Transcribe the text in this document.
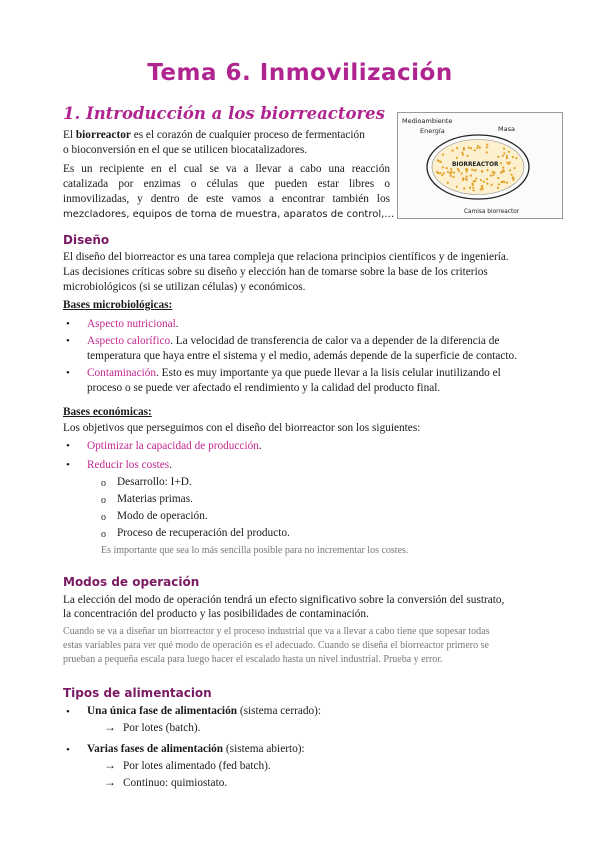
Tema 6. Inmovilización
1. Introducción a los biorreactores

El biorreactor es el corazón de cualquier proceso de fermentación

o bioconversión en el que se utilicen biocatalizadores.

Es un recipiente en el cual se va a llevar a cabo una reacción

catalizada por enzimas o células que pueden estar libres o

inmovilizadas, y dentro de este vamos a encontrar también los

mezcladores, equipos de toma de muestra, aparatos de control,…

Medioambiente
Energía	Masa
BIORREACTOR
Camisa biorreactor
Diseño

El diseño del biorreactor es una tarea compleja que relaciona principios científicos y de ingeniería.

Las decisiones críticas sobre su diseño y elección han de tomarse sobre la base de los criterios

microbiológicos (si se utilizan células) y económicos.

Bases microbiológicas:

• Aspecto nutricional.

• Aspecto calorífico. La velocidad de transferencia de calor va a depender de la diferencia de

temperatura que haya entre el sistema y el medio, además depende de la superficie de contacto.

• Contaminación. Esto es muy importante ya que puede llevar a la lisis celular inutilizando el

proceso o se puede ver afectado el rendimiento y la calidad del producto final.

Bases económicas:

Los objetivos que perseguimos con el diseño del biorreactor son los siguientes:

• Optimizar la capacidad de producción.

• Reducir los costes.

o Desarrollo: I+D.

o Materias primas.

o Modo de operación.

o Proceso de recuperación del producto.

Es importante que sea lo más sencilla posible para no incrementar los costes.

Modos de operación

La elección del modo de operación tendrá un efecto significativo sobre la conversión del sustrato,

la concentración del producto y las posibilidades de contaminación.

Cuando se va a diseñar un biorreactor y el proceso industrial que va a llevar a cabo tiene que sopesar todas

estas variables para ver qué modo de operación es el adecuado. Cuando se diseña el biorreactor primero se

prueban a pequeña escala para luego hacer el escalado hasta un nivel industrial. Prueba y error.

Tipos de alimentacion
• Una única fase de alimentación (sistema cerrado):

→ Por lotes (batch).

• Varias fases de alimentación (sistema abierto):

→ Por lotes alimentado (fed batch).

→ Continuo: quimiostato.
